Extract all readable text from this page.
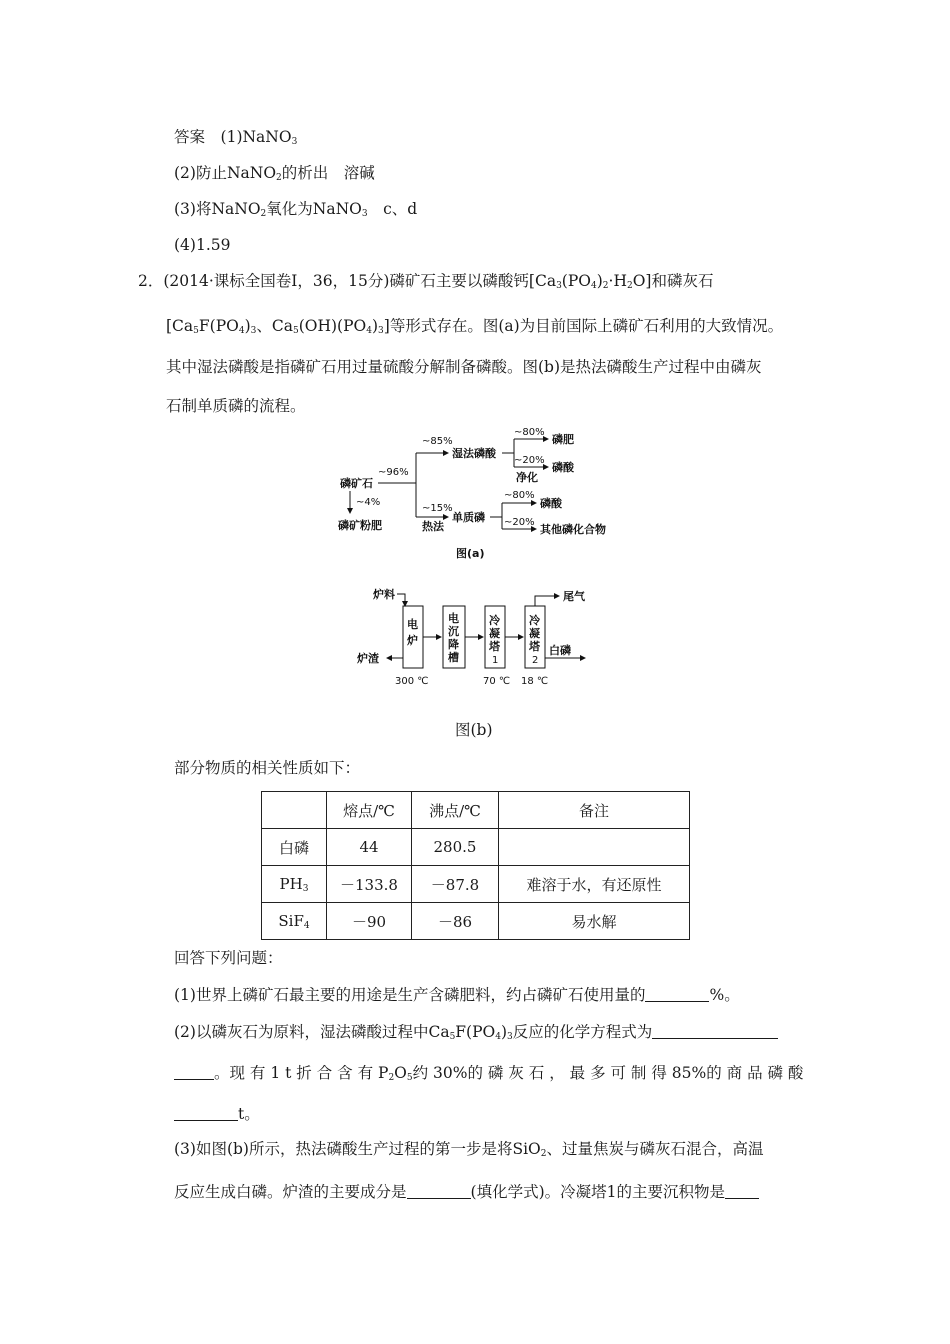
答案　 (1)NaNO$_3$
(2)防止NaNO$_2$的析出　溶碱
(3)将NaNO$_2$氧化为NaNO$_3$　c、d
(4)1.59
2．(2014·课标全国卷Ⅰ，36，15分)磷矿石主要以磷酸钙$[Ca_3(PO_4)_2\cdot H_2O]$和磷灰石
[$Ca_5F(PO_4)_3$、$Ca_5(OH)(PO_4)_3$]等形式存在。图(a)为目前国际上磷矿石利用的大致情况。
其中湿法磷酸是指磷矿石用过量硫酸分解制备磷酸。图(b)是热法磷酸生产过程中由磷灰
石制单质磷的流程。
磷矿石
~96%
~85%
~15%
热法
~4%
磷矿粉肥
湿法磷酸
~80%
~20%
净化
磷肥
磷酸
单质磷
~80%
~20%
磷酸
其他磷化合物
图(a)
炉料
电
炉
电
沉
降
槽
冷
凝
塔
1
冷
凝
塔
2
尾气
白磷
炉渣
300 ℃	70 ℃ 18 ℃
图(b)
部分物质的相关性质如下：
	熔点/℃	沸点/℃	备注
白磷	44	280.5	
$PH_3$	－133.8	－87.8	难溶于水，有还原性
SiF$_4$	－90	－86	易水解
回答下列问题：
(1)世界上磷矿石最主要的用途是生产含磷肥料，约占磷矿石使用量的	%。
(2)以磷灰石为原料，湿法磷酸过程中$Ca_5F(PO_4)_3$反应的化学方程式为
。现 有 1 t 折 合 含 有 $P_2O_5$约 30%的 磷 灰 石 ， 最 多 可 制 得 85%的 商 品 磷 酸
t。
(3)如图(b)所示，热法磷酸生产过程的第一步是将SiO$_2$、过量焦炭与磷灰石混合，高温
反应生成白磷。炉渣的主要成分是	(填化学式)。冷凝塔1的主要沉积物是
